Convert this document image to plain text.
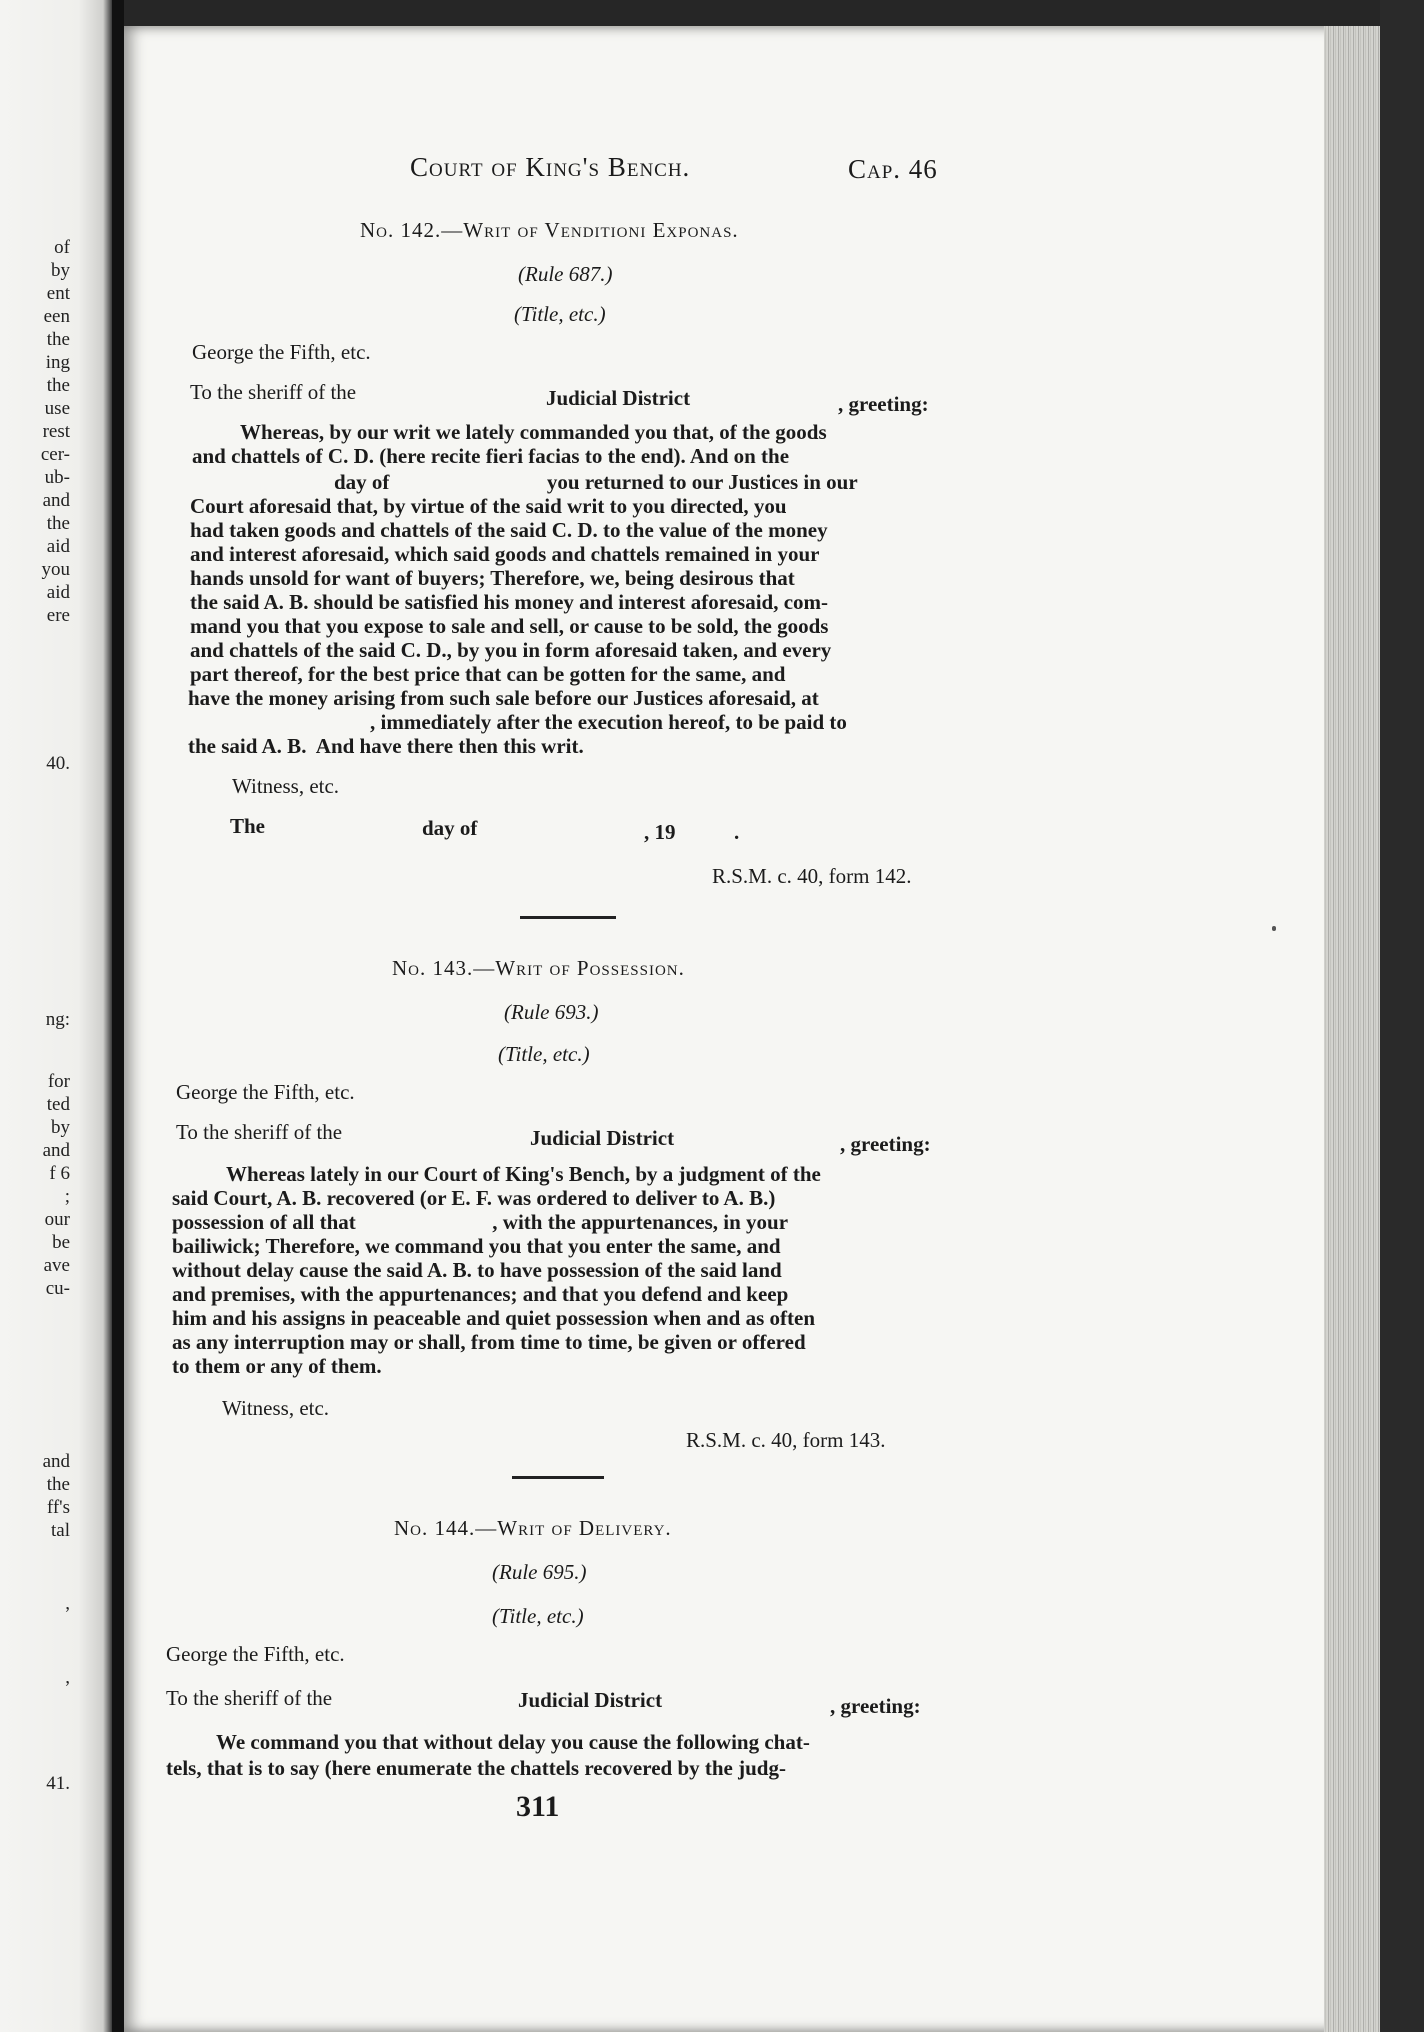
of
by
ent
een
the
ing
the
use
rest
cer-
ub-
and
the
aid
you
aid
ere
40.
ng:
for
ted
by
and
f 6
;
our
be
ave
cu-
and
the
ff's
tal
,
,
41.
Court of King's Bench.	Cap. 46
No. 142.—Writ of Venditioni Exponas.
(Rule 687.)
(Title, etc.)
George the Fifth, etc.
To the sheriff of the	Judicial District	, greeting:
Whereas, by our writ we lately commanded you that, of the goods
and chattels of C. D. (here recite fieri facias to the end). And on the
day of                              you returned to our Justices in our
Court aforesaid that, by virtue of the said writ to you directed, you
had taken goods and chattels of the said C. D. to the value of the money
and interest aforesaid, which said goods and chattels remained in your
hands unsold for want of buyers; Therefore, we, being desirous that
the said A. B. should be satisfied his money and interest aforesaid, com-
mand you that you expose to sale and sell, or cause to be sold, the goods
and chattels of the said C. D., by you in form aforesaid taken, and every
part thereof, for the best price that can be gotten for the same, and
have the money arising from such sale before our Justices aforesaid, at
, immediately after the execution hereof, to be paid to
the said A. B.  And have there then this writ.
Witness, etc.
The	day of	, 19	.
R.S.M. c. 40, form 142.
No. 143.—Writ of Possession.
(Rule 693.)
(Title, etc.)
George the Fifth, etc.
To the sheriff of the	Judicial District	, greeting:
Whereas lately in our Court of King's Bench, by a judgment of the
said Court, A. B. recovered (or E. F. was ordered to deliver to A. B.)
possession of all that                          , with the appurtenances, in your
bailiwick; Therefore, we command you that you enter the same, and
without delay cause the said A. B. to have possession of the said land
and premises, with the appurtenances; and that you defend and keep
him and his assigns in peaceable and quiet possession when and as often
as any interruption may or shall, from time to time, be given or offered
to them or any of them.
Witness, etc.
R.S.M. c. 40, form 143.
No. 144.—Writ of Delivery.
(Rule 695.)
(Title, etc.)
George the Fifth, etc.
To the sheriff of the	Judicial District	, greeting:
We command you that without delay you cause the following chat-
tels, that is to say (here enumerate the chattels recovered by the judg-
311
